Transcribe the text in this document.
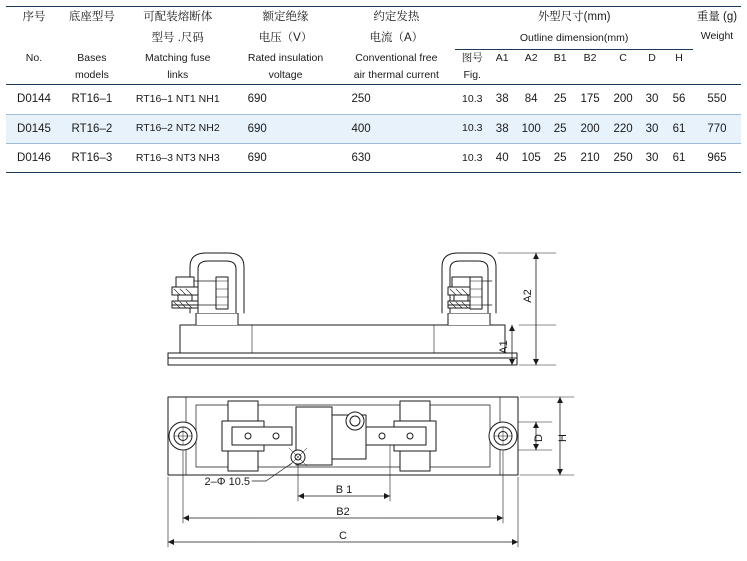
序号	底座型号	可配装熔断体	额定绝缘	约定发热	外型尺寸(mm)								重量 (g)
		型号 .尺码	电压（V）	电流（A）	Outline dimension(mm)								Weight
No.	Bases	Matching fuse	Rated insulation	Conventional free	图号	A1	A2	B1	B2	C	D	H	
	models	links	voltage	air thermal current	Fig.								
D0144	RT16–1	RT16–1 NT1 NH1	690	250	10.3	38	84	25	175	200	30	56	550
D0145	RT16–2	RT16–2 NT2 NH2	690	400	10.3	38	100	25	200	220	30	61	770
D0146	RT16–3	RT16–3 NT3 NH3	690	630	10.3	40	105	25	210	250	30	61	965
A2
A1
H
D
B 1
B2
C
2–Φ 10.5
